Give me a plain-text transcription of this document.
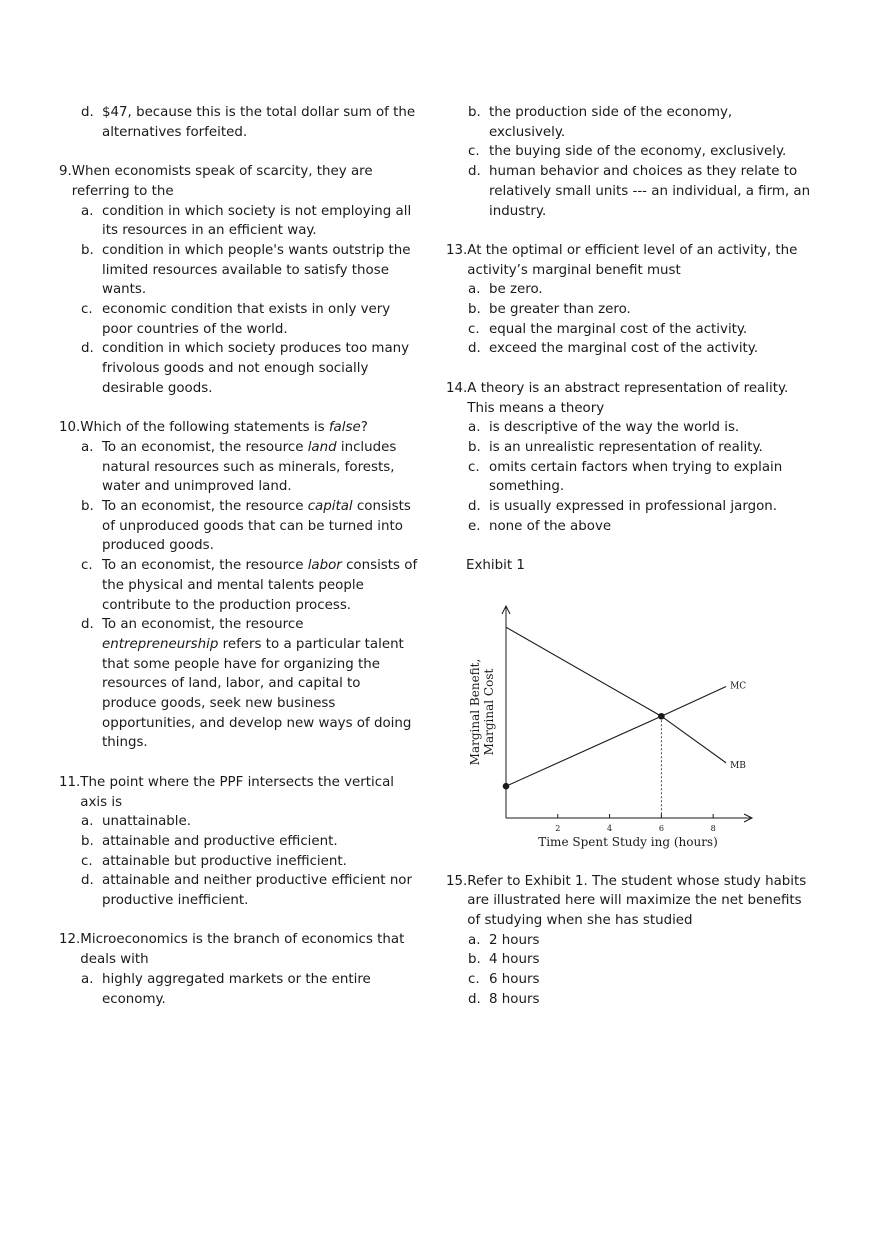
d. $47, because this is the total dollar sum of the alternatives forfeited.
9. When economists speak of scarcity, they are referring to the
a. condition in which society is not employing all its resources in an efficient way.
b. condition in which people's wants outstrip the limited resources available to satisfy those wants.
c. economic condition that exists in only very poor countries of the world.
d. condition in which society produces too many frivolous goods and not enough socially desirable goods.
10. Which of the following statements is false?
a. To an economist, the resource land includes natural resources such as minerals, forests, water and unimproved land.
b. To an economist, the resource capital consists of unproduced goods that can be turned into produced goods.
c. To an economist, the resource labor consists of the physical and mental talents people contribute to the production process.
d. To an economist, the resource entrepreneurship refers to a particular talent that some people have for organizing the resources of land, labor, and capital to produce goods, seek new business opportunities, and develop new ways of doing things.
11. The point where the PPF intersects the vertical axis is
a. unattainable.
b. attainable and productive efficient.
c. attainable but productive inefficient.
d. attainable and neither productive efficient nor productive inefficient.
12. Microeconomics is the branch of economics that deals with
a. highly aggregated markets or the entire economy.
b. the production side of the economy, exclusively.
c. the buying side of the economy, exclusively.
d. human behavior and choices as they relate to relatively small units --- an individual, a firm, an industry.
13. At the optimal or efficient level of an activity, the activity’s marginal benefit must
a. be zero.
b. be greater than zero.
c. equal the marginal cost of the activity.
d. exceed the marginal cost of the activity.
14. A theory is an abstract representation of reality. This means a theory
a. is descriptive of the way the world is.
b. is an unrealistic representation of reality.
c. omits certain factors when trying to explain something.
d. is usually expressed in professional jargon.
e. none of the above
Exhibit 1
2	4	6	8
MC
MB
Time Spent Study ing (hours)
Marginal Benefit, Marginal Cost
15. Refer to Exhibit 1. The student whose study habits are illustrated here will maximize the net benefits of studying when she has studied
a. 2 hours
b. 4 hours
c. 6 hours
d. 8 hours
